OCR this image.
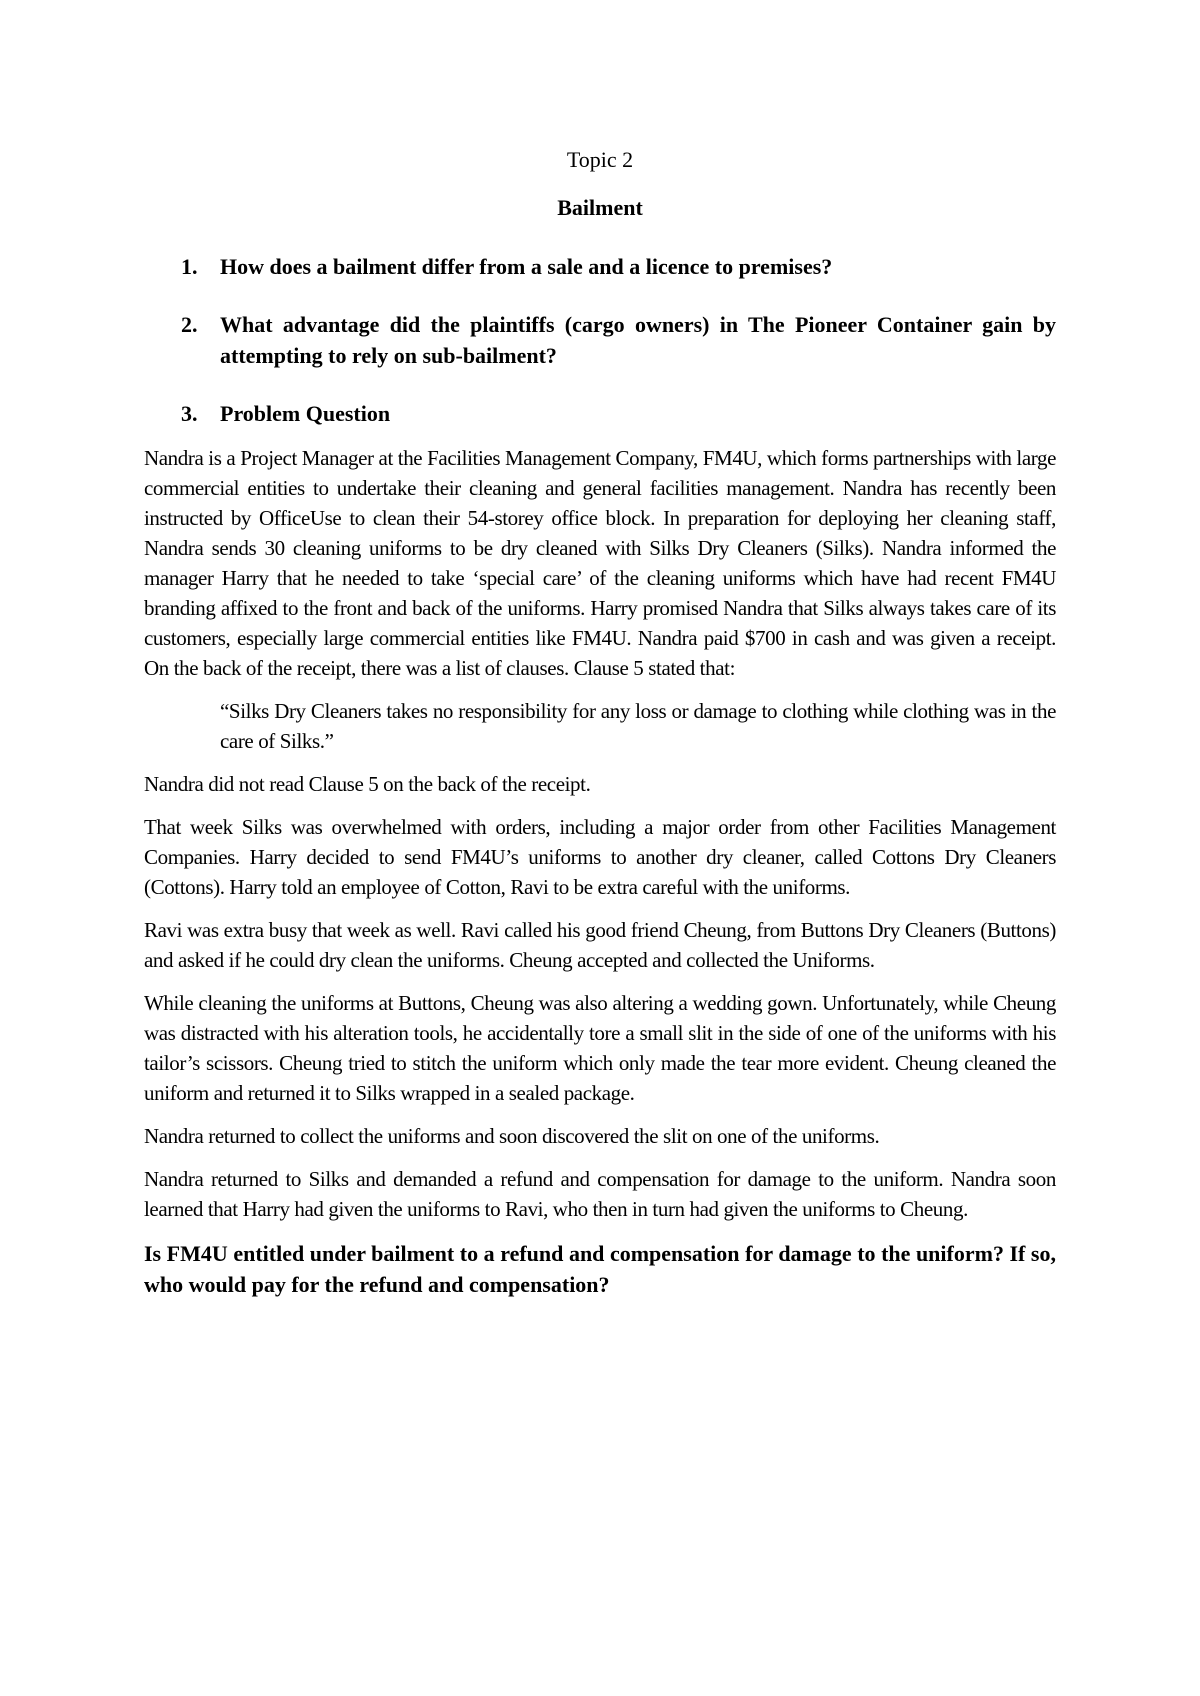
Topic 2
Bailment
1. How does a bailment differ from a sale and a licence to premises?
2. What advantage did the plaintiffs (cargo owners) in The Pioneer Container gain by attempting to rely on sub-bailment?
3. Problem Question

Nandra is a Project Manager at the Facilities Management Company, FM4U, which forms partnerships with large commercial entities to undertake their cleaning and general facilities management. Nandra has recently been instructed by OfficeUse to clean their 54-storey office block. In preparation for deploying her cleaning staff, Nandra sends 30 cleaning uniforms to be dry cleaned with Silks Dry Cleaners (Silks). Nandra informed the manager Harry that he needed to take ‘special care’ of the cleaning uniforms which have had recent FM4U branding affixed to the front and back of the uniforms. Harry promised Nandra that Silks always takes care of its customers, especially large commercial entities like FM4U. Nandra paid $700 in cash and was given a receipt. On the back of the receipt, there was a list of clauses. Clause 5 stated that:

“Silks Dry Cleaners takes no responsibility for any loss or damage to clothing while clothing was in the care of Silks.”

Nandra did not read Clause 5 on the back of the receipt.

That week Silks was overwhelmed with orders, including a major order from other Facilities Management Companies. Harry decided to send FM4U’s uniforms to another dry cleaner, called Cottons Dry Cleaners (Cottons). Harry told an employee of Cotton, Ravi to be extra careful with the uniforms.

Ravi was extra busy that week as well. Ravi called his good friend Cheung, from Buttons Dry Cleaners (Buttons) and asked if he could dry clean the uniforms. Cheung accepted and collected the Uniforms.

While cleaning the uniforms at Buttons, Cheung was also altering a wedding gown. Unfortunately, while Cheung was distracted with his alteration tools, he accidentally tore a small slit in the side of one of the uniforms with his tailor’s scissors. Cheung tried to stitch the uniform which only made the tear more evident. Cheung cleaned the uniform and returned it to Silks wrapped in a sealed package.

Nandra returned to collect the uniforms and soon discovered the slit on one of the uniforms.

Nandra returned to Silks and demanded a refund and compensation for damage to the uniform. Nandra soon learned that Harry had given the uniforms to Ravi, who then in turn had given the uniforms to Cheung.

Is FM4U entitled under bailment to a refund and compensation for damage to the uniform? If so, who would pay for the refund and compensation?
